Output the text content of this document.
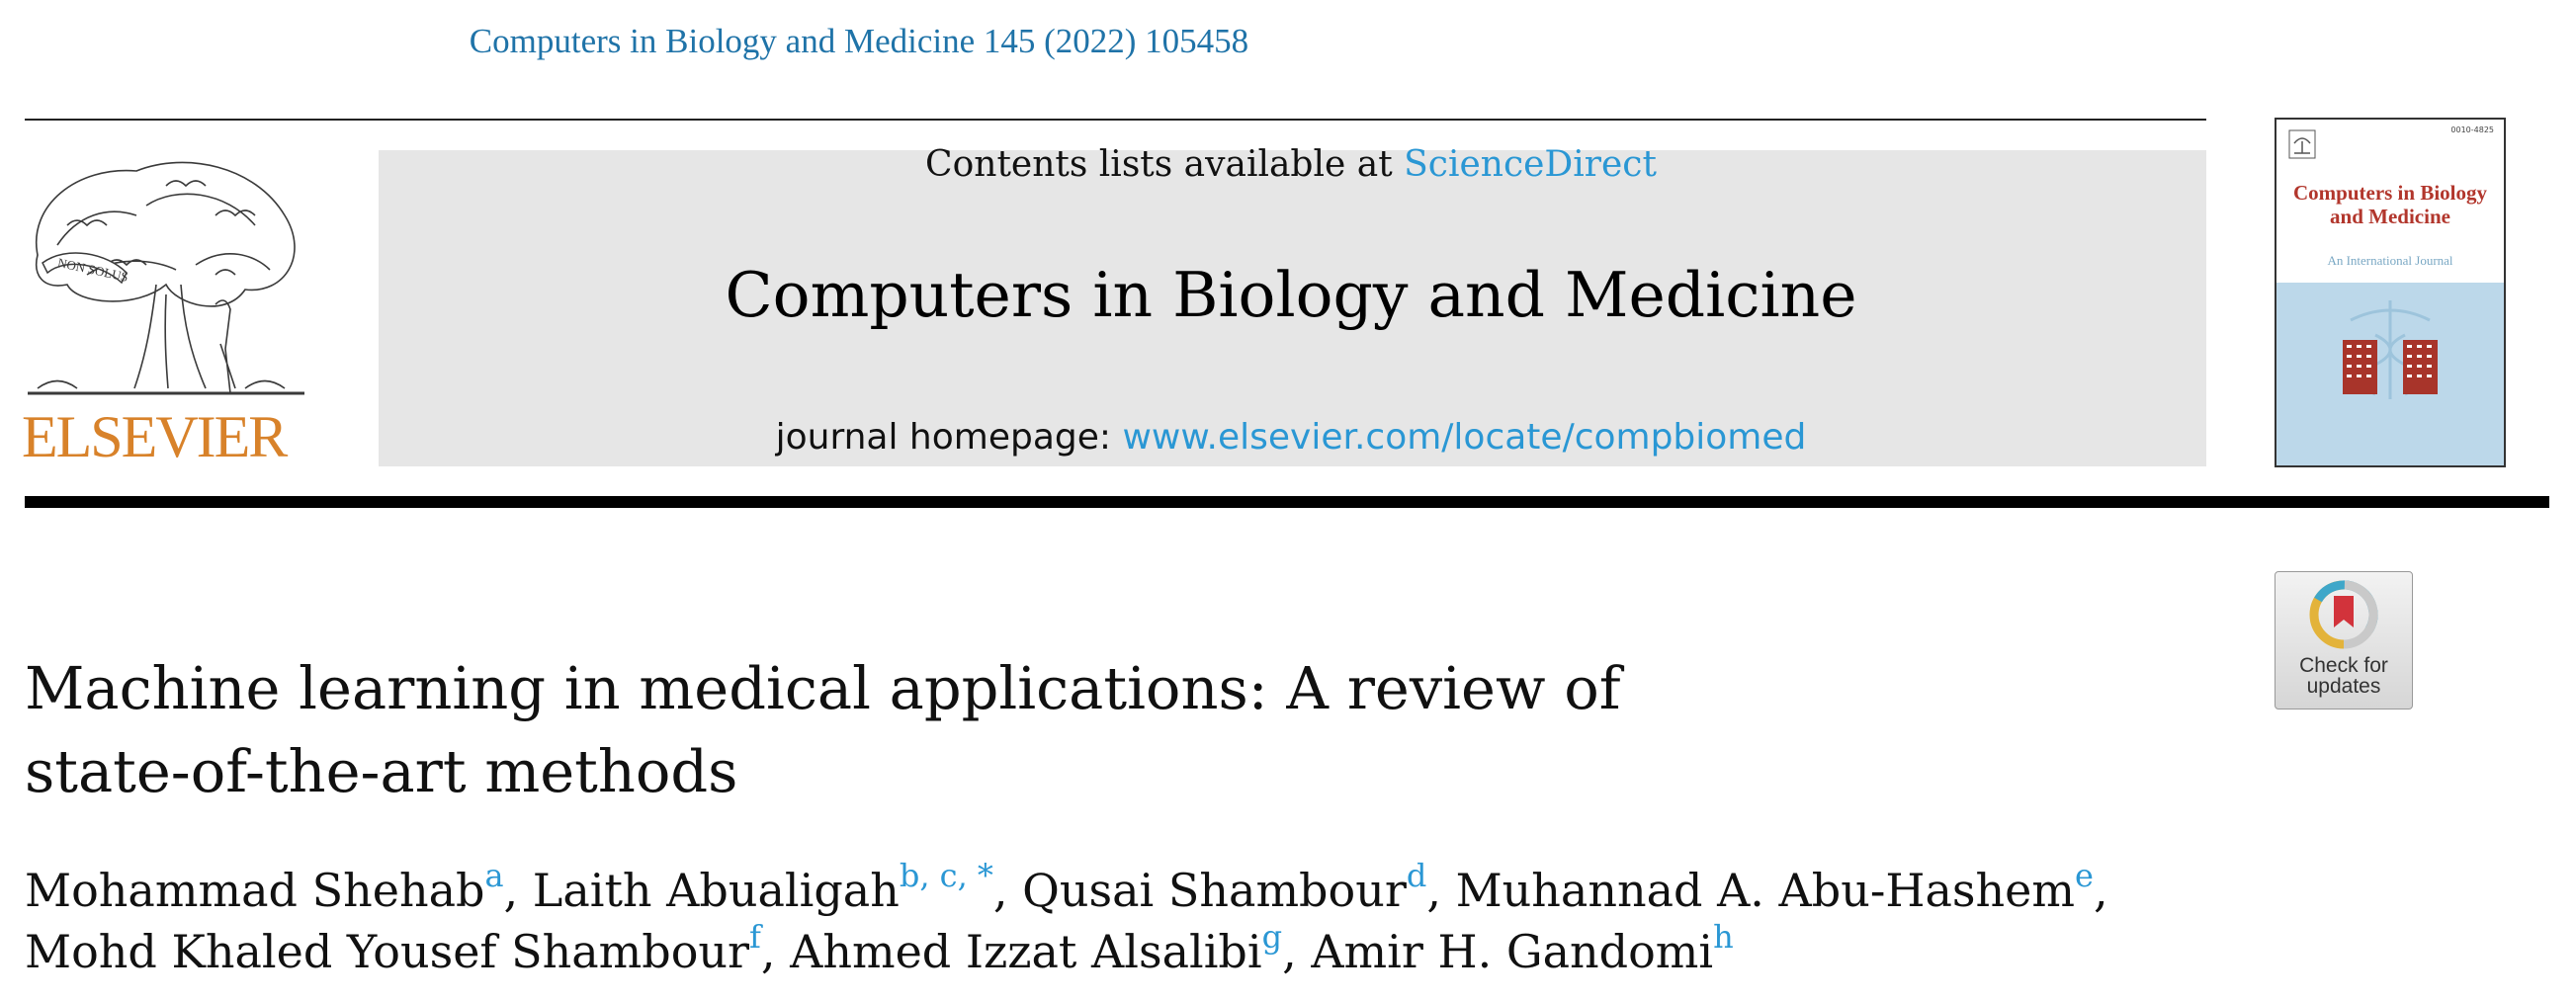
Computers in Biology and Medicine 145 (2022) 105458
NON SOLUS
ELSEVIER
Contents lists available at ScienceDirect
Computers in Biology and Medicine
journal homepage: www.elsevier.com/locate/compbiomed
0010-4825
Computers in Biology
and Medicine
An International Journal
Check for
updates
Machine learning in medical applications: A review of
state-of-the-art methods
Mohammad Shehab$^a$, Laith Abualigah$^{b, c, *}$, Qusai Shambour$^d$, Muhannad A. Abu-Hashem$^e$,
Mohd Khaled Yousef Shambour$^f$, Ahmed Izzat Alsalibi$^g$, Amir H. Gandomi$^h$
